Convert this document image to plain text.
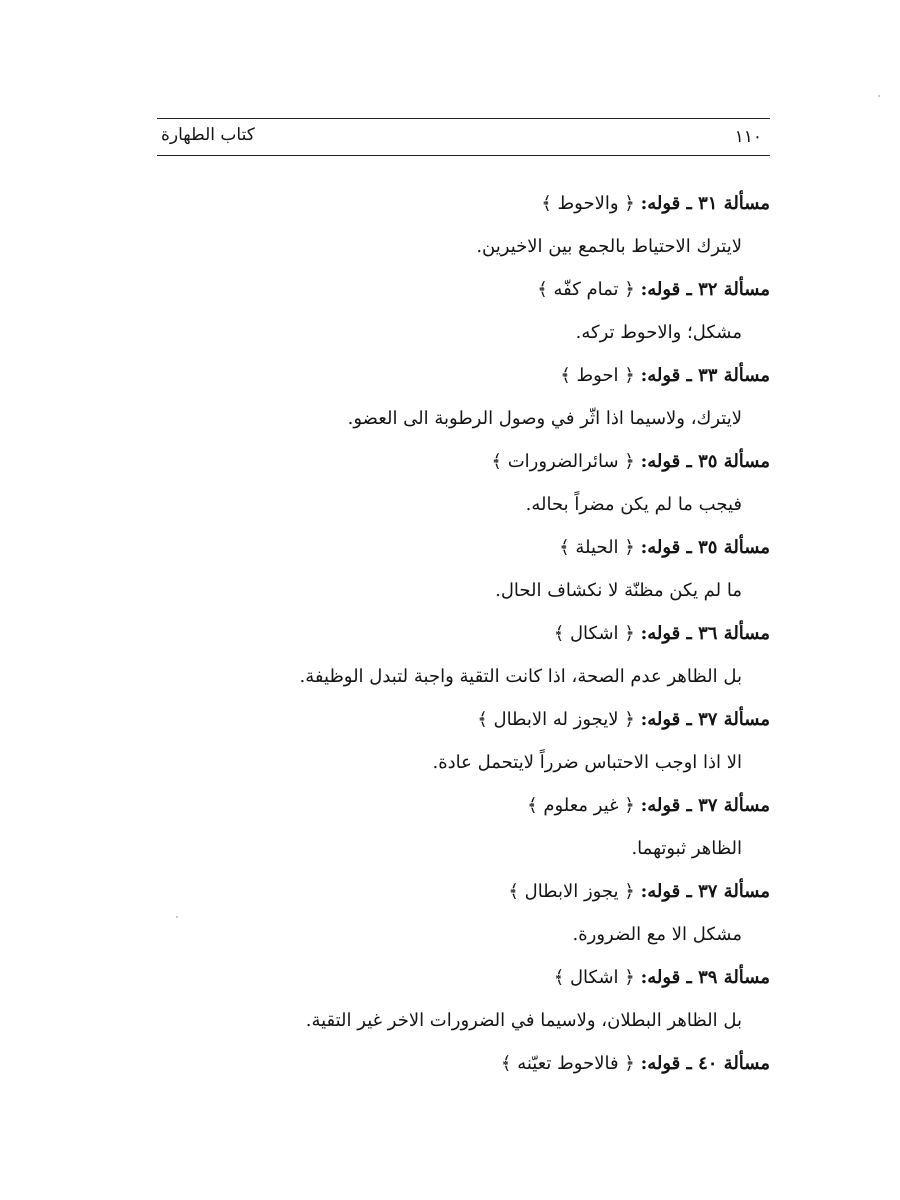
١١٠
كتاب الطهارة
مسألة ٣١ ـ قوله: ﴿ والاحوط ﴾
لايترك الاحتياط بالجمع بين الاخيرين.
مسألة ٣٢ ـ قوله: ﴿ تمام كفّه ﴾
مشكل؛ والاحوط تركه.
مسألة ٣٣ ـ قوله: ﴿ احوط ﴾
لايترك، ولاسيما اذا اثّر في وصول الرطوبة الى العضو.
مسألة ٣٥ ـ قوله: ﴿ سائرالضرورات ﴾
فيجب ما لم يكن مضراً بحاله.
مسألة ٣٥ ـ قوله: ﴿ الحيلة ﴾
ما لم يكن مظنّة لا نكشاف الحال.
مسألة ٣٦ ـ قوله: ﴿ اشكال ﴾
بل الظاهر عدم الصحة، اذا كانت التقية واجبة لتبدل الوظيفة.
مسألة ٣٧ ـ قوله: ﴿ لايجوز له الابطال ﴾
الا اذا اوجب الاحتباس ضرراً لايتحمل عادة.
مسألة ٣٧ ـ قوله: ﴿ غير معلوم ﴾
الظاهر ثبوتهما.
مسألة ٣٧ ـ قوله: ﴿ يجوز الابطال ﴾
مشكل الا مع الضرورة.
مسألة ٣٩ ـ قوله: ﴿ اشكال ﴾
بل الظاهر البطلان، ولاسيما في الضرورات الاخر غير التقية.
مسألة ٤٠ ـ قوله: ﴿ فالاحوط تعيّنه ﴾
